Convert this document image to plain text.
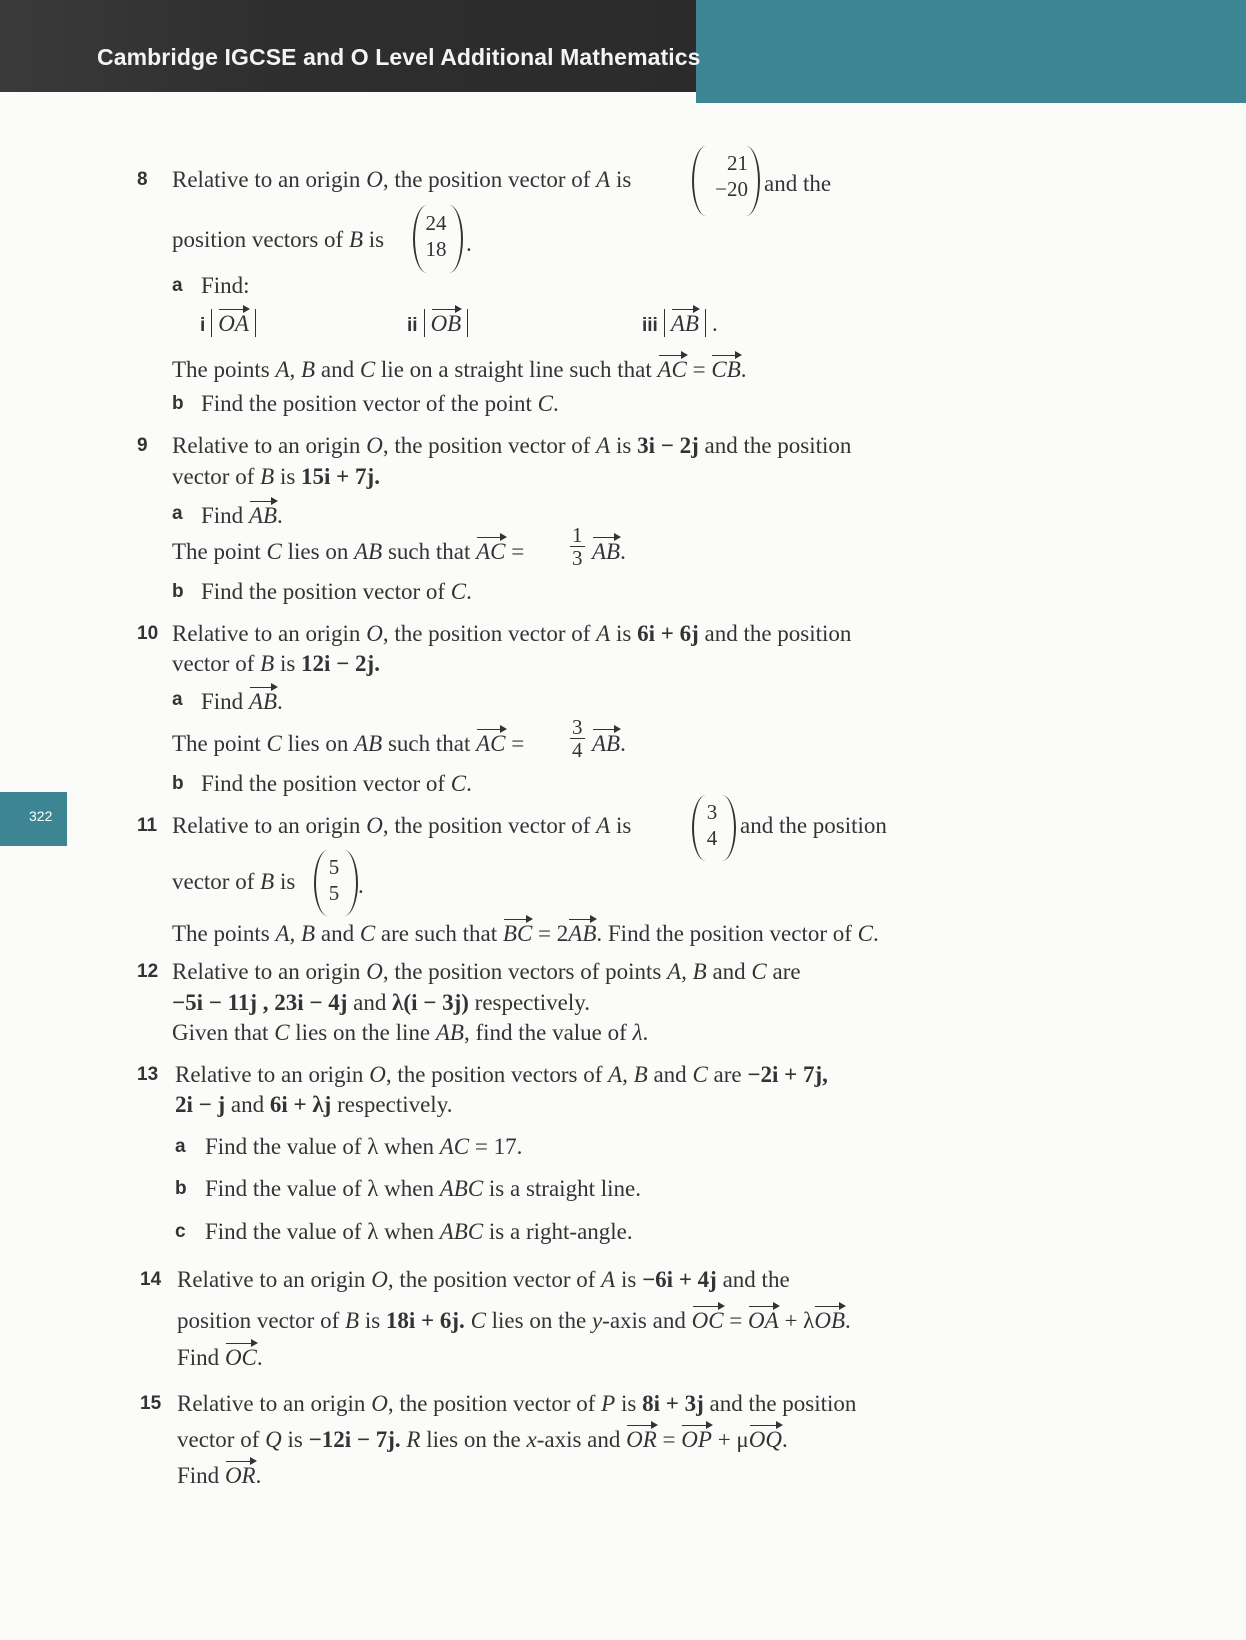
Cambridge IGCSE and O Level Additional Mathematics
322
8 Relative to an origin O, the position vector of A is
21
−20 and the
position vectors of B is
24
18 .
a Find:
i OA	ii OB	iii AB .
The points A, B and C lie on a straight line such that AC = CB.
b Find the position vector of the point C.
9 Relative to an origin O, the position vector of A is 3i − 2j and the position
vector of B is 15i + 7j.
a Find AB.
The point C lies on AB such that AC = $\frac{1}{3}$ AB.
b Find the position vector of C.
10 Relative to an origin O, the position vector of A is 6i + 6j and the position
vector of B is 12i − 2j.
a Find AB.
The point C lies on AB such that AC = $\frac{3}{4}$ AB.
b Find the position vector of C.
11 Relative to an origin O, the position vector of A is
3
4 and the position
vector of B is
5
5 .
The points A, B and C are such that BC = 2AB. Find the position vector of C.
12 Relative to an origin O, the position vectors of points A, B and C are
−5i − 11j , 23i − 4j and λ(i − 3j) respectively.
Given that C lies on the line AB, find the value of λ.
13 Relative to an origin O, the position vectors of A, B and C are −2i + 7j,
2i − j and 6i + λj respectively.
a Find the value of λ when AC = 17.
b Find the value of λ when ABC is a straight line.
c Find the value of λ when ABC is a right-angle.
14 Relative to an origin O, the position vector of A is −6i + 4j and the
position vector of B is 18i + 6j. C lies on the y-axis and OC = OA + λOB.
Find OC.
15 Relative to an origin O, the position vector of P is 8i + 3j and the position
vector of Q is −12i − 7j. R lies on the x-axis and OR = OP + μOQ.
Find OR.
